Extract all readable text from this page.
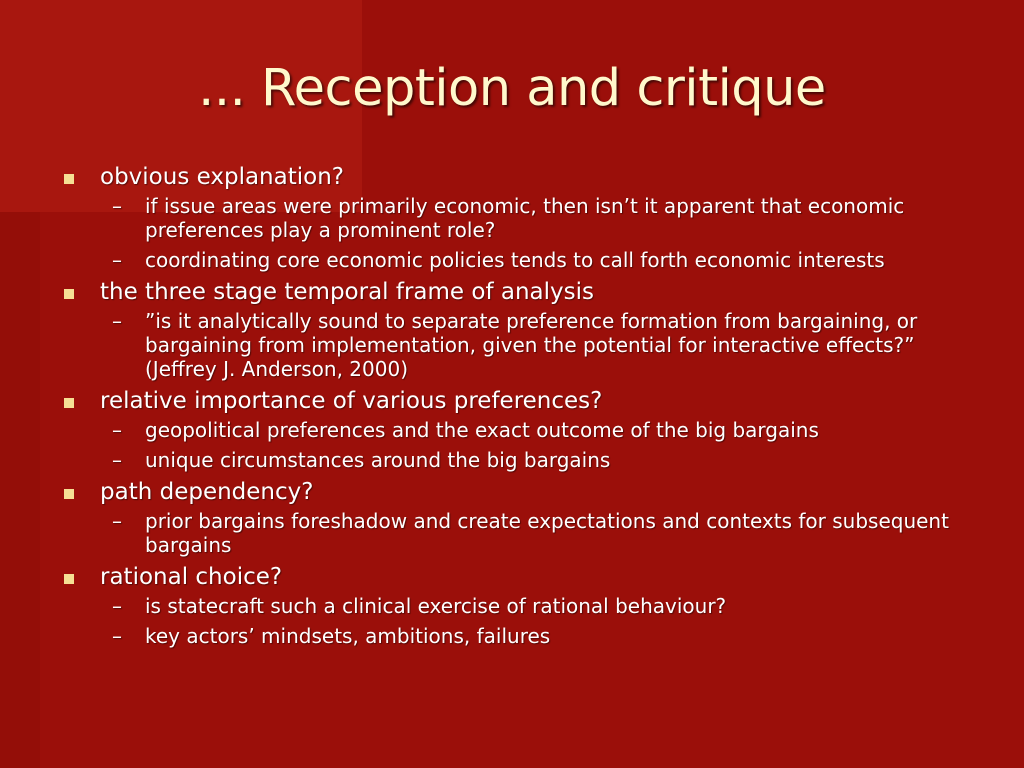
... Reception and critique
obvious explanation?
– if issue areas were primarily economic, then isn’t it apparent that economic preferences play a prominent role?
– coordinating core economic policies tends to call forth economic interests
the three stage temporal frame of analysis
– ”is it analytically sound to separate preference formation from bargaining, or bargaining from implementation, given the potential for interactive effects?” (Jeffrey J. Anderson, 2000)
relative importance of various preferences?
– geopolitical preferences and the exact outcome of the big bargains
– unique circumstances around the big bargains
path dependency?
– prior bargains foreshadow and create expectations and contexts for subsequent bargains
rational choice?
– is statecraft such a clinical exercise of rational behaviour?
– key actors’ mindsets, ambitions, failures
